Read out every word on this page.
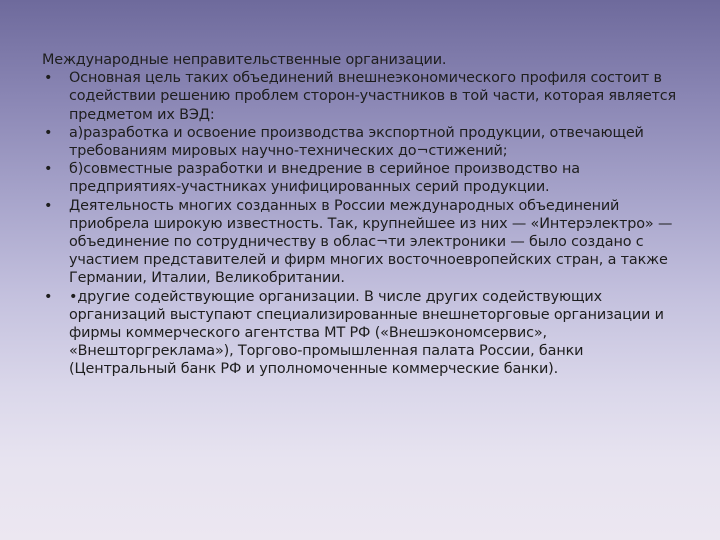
Международные неправительственные организации.

• Основная цель таких объединений внешнеэкономического профиля состоит в содействии решению проблем сторон-участников в той части, которая является предметом их ВЭД:
• а)разработка и освоение производства экспортной продукции, отвечающей требованиям мировых научно-технических до¬стижений;
• б)совместные разработки и внедрение в серийное производство на предприятиях-участниках унифицированных серий продукции.
• Деятельность многих созданных в России международных объединений приобрела широкую известность. Так, крупнейшее из них — «Интерэлектро» — объединение по сотрудничеству в облас¬ти электроники — было создано с участием представителей и фирм многих восточноевропейских стран, а также Германии, Италии, Великобритании.
• •другие содействующие организации. В числе других содействующих организаций выступают специализированные внешнеторговые организации и фирмы коммерческого агентства МТ РФ («Внешэкономсервис», «Внешторгреклама»), Торгово-промышленная палата России, банки (Центральный банк РФ и уполномоченные коммерческие банки).
